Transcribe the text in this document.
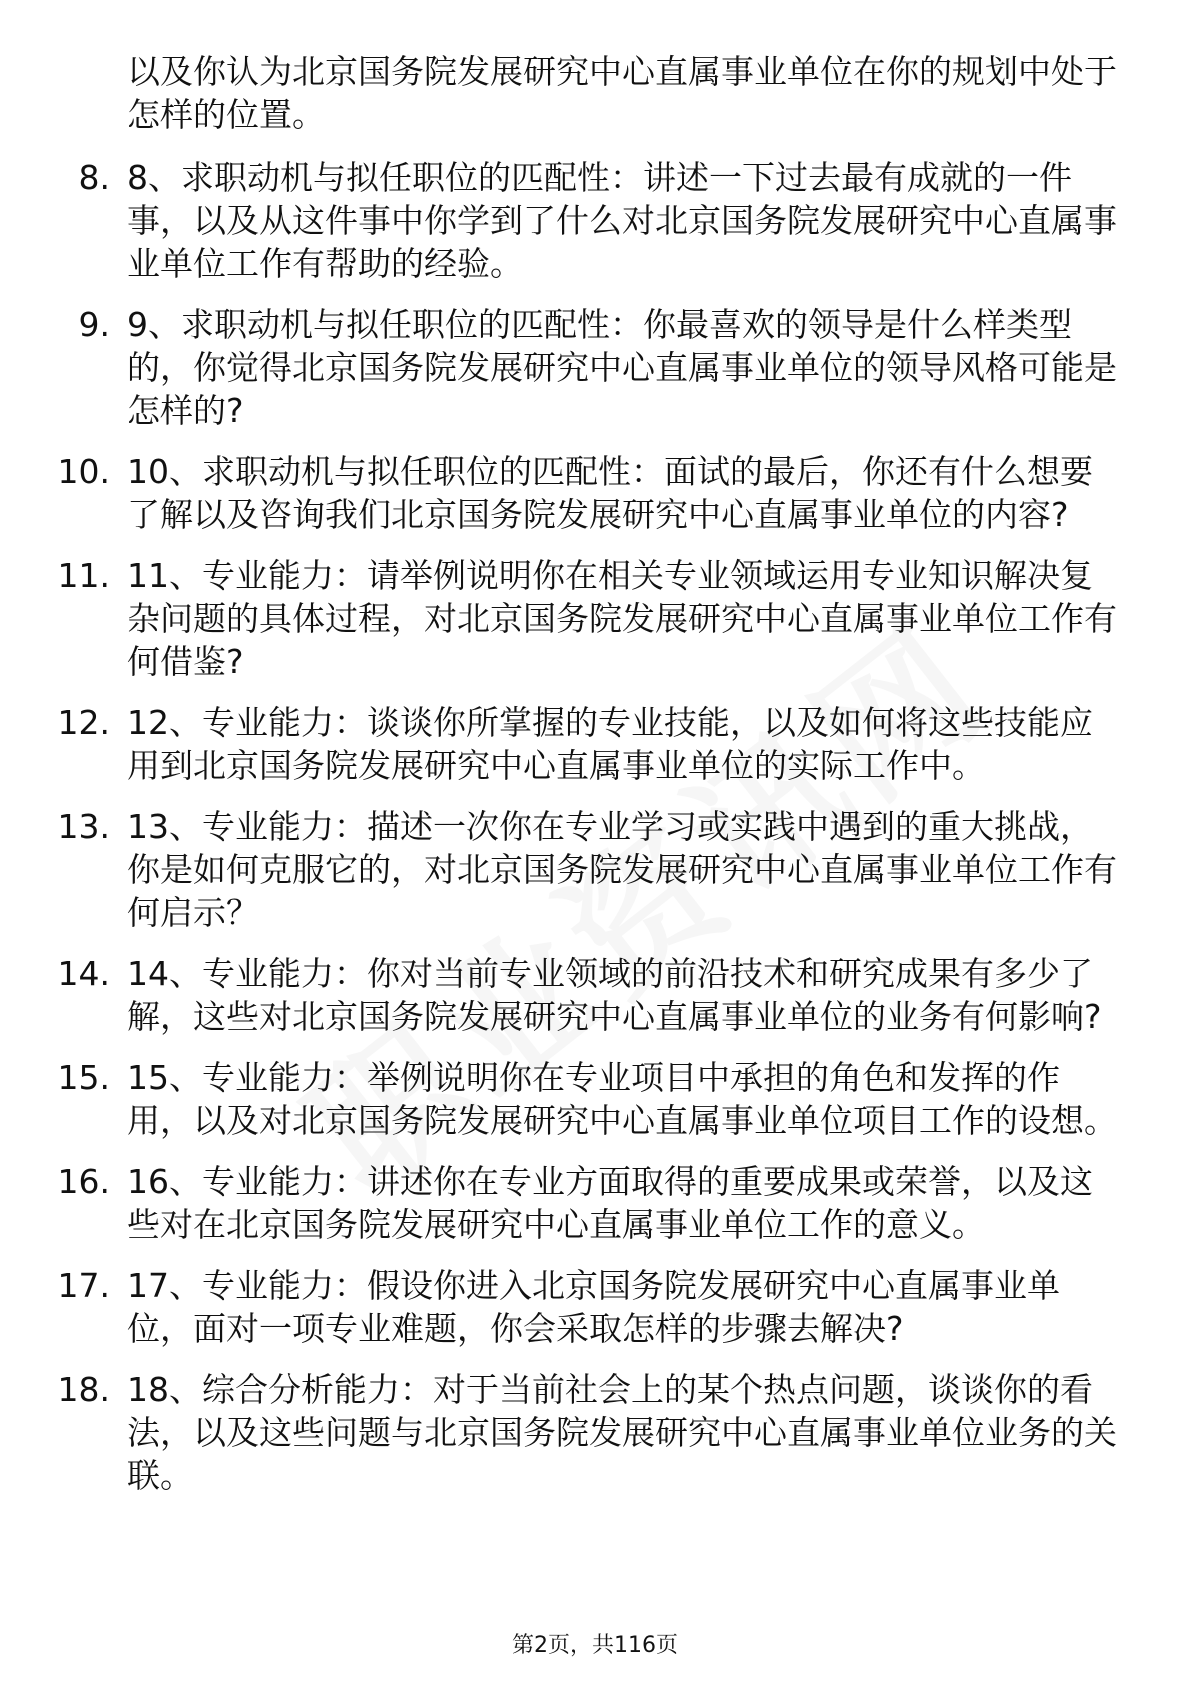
以及你认为北京国务院发展研究中心直属事业单位在你的规划中处于怎样的位置。

8. 8、求职动机与拟任职位的匹配性：讲述一下过去最有成就的一件事，以及从这件事中你学到了什么对北京国务院发展研究中心直属事业单位工作有帮助的经验。
9. 9、求职动机与拟任职位的匹配性：你最喜欢的领导是什么样类型的，你觉得北京国务院发展研究中心直属事业单位的领导风格可能是怎样的?
10. 10、求职动机与拟任职位的匹配性：面试的最后，你还有什么想要了解以及咨询我们北京国务院发展研究中心直属事业单位的内容?
11. 11、专业能力：请举例说明你在相关专业领域运用专业知识解决复杂问题的具体过程，对北京国务院发展研究中心直属事业单位工作有何借鉴?
12. 12、专业能力：谈谈你所掌握的专业技能，以及如何将这些技能应用到北京国务院发展研究中心直属事业单位的实际工作中。
13. 13、专业能力：描述一次你在专业学习或实践中遇到的重大挑战，你是如何克服它的，对北京国务院发展研究中心直属事业单位工作有何启示？
14. 14、专业能力：你对当前专业领域的前沿技术和研究成果有多少了解，这些对北京国务院发展研究中心直属事业单位的业务有何影响?
15. 15、专业能力：举例说明你在专业项目中承担的角色和发挥的作用，以及对北京国务院发展研究中心直属事业单位项目工作的设想。
16. 16、专业能力：讲述你在专业方面取得的重要成果或荣誉，以及这些对在北京国务院发展研究中心直属事业单位工作的意义。
17. 17、专业能力：假设你进入北京国务院发展研究中心直属事业单位，面对一项专业难题，你会采取怎样的步骤去解决?
18. 18、综合分析能力：对于当前社会上的某个热点问题，谈谈你的看法，以及这些问题与北京国务院发展研究中心直属事业单位业务的关联。
第2页，共116页
